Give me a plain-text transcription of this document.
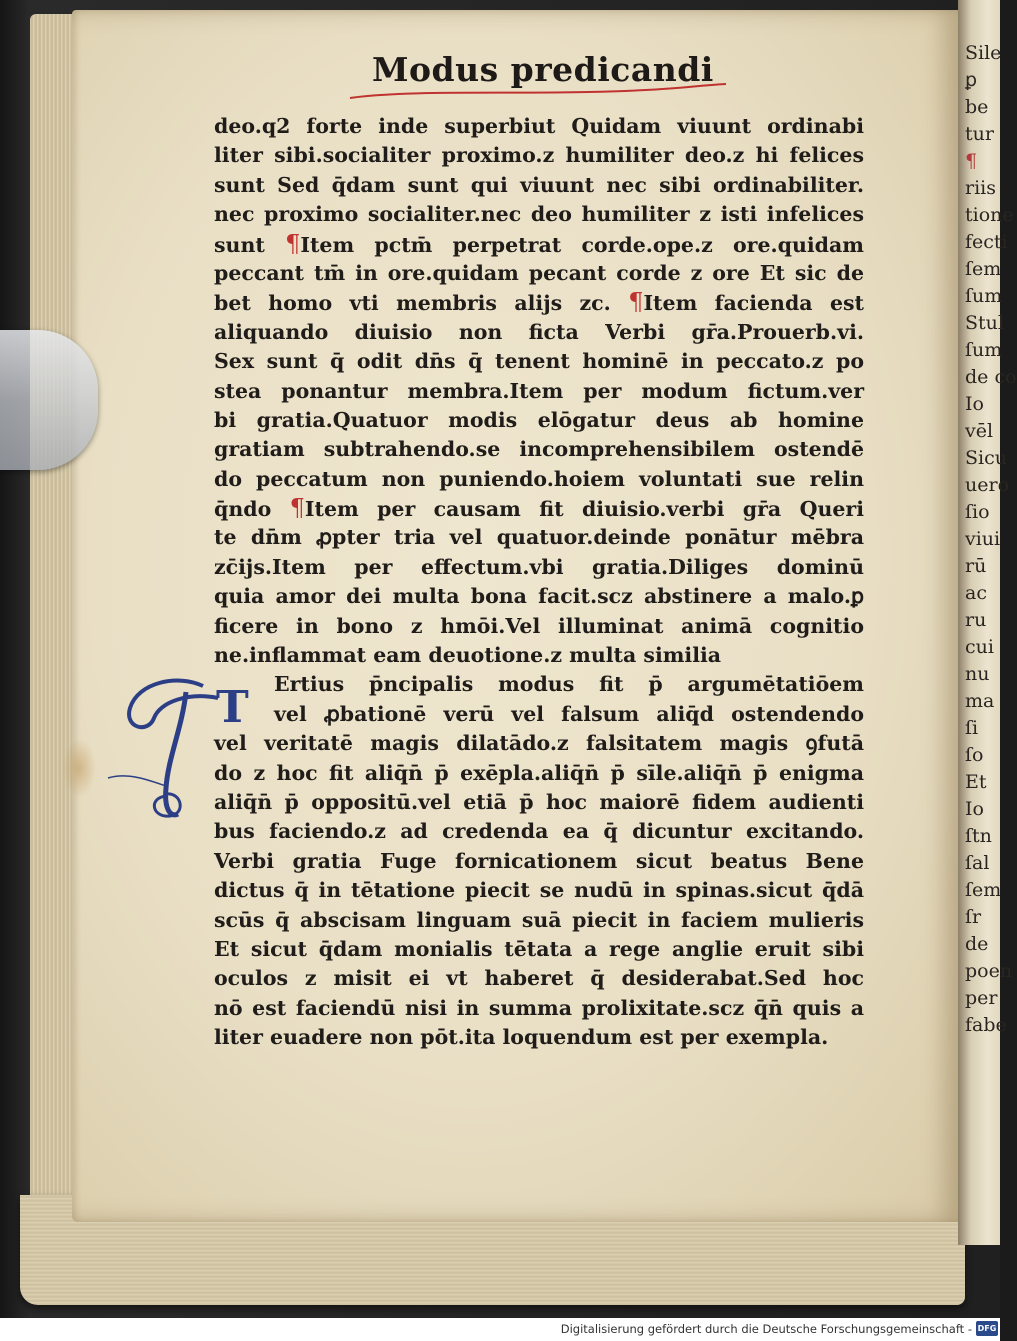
Sile
ꝑ
be
tur
¶
riis
tione
fecti
ſem
ſum
Stul
ſum
de co
Io
vēl
Sicu
uero
ſio
viui
rū
ac
ru
cui
nu
ma
ſi
ſo
Et
Io
ſtn
ſal
ſem
ſr
de
poen
per
fabe
Modus predicandi
deo.q2 forte inde superbiut Quidam viuunt ordinabi
liter sibi.socialiter proximo.z humiliter deo.z hi felices
sunt Sed q̄dam sunt qui viuunt nec sibi ordinabiliter.
nec proximo socialiter.nec deo humiliter z isti infelices
sunt ¶Item pctm̄ perpetrat corde.ope.z ore.quidam
peccant tm̄ in ore.quidam pecant corde z ore Et sic de
bet homo vti membris alijs zc. ¶Item facienda est
aliquando diuisio non ficta Verbi gr̄a.Prouerb.vi.
Sex sunt q̄ odit dn̄s q̄ tenent hominē in peccato.z po
stea ponantur membra.Item per modum fictum.ver
bi gratia.Quatuor modis elōgatur deus ab homine
gratiam subtrahendo.se incomprehensibilem ostendē
do peccatum non puniendo.hoiem voluntati sue relin
q̄ndo ¶Item per causam fit diuisio.verbi gr̄a Queri
te dn̄m ꝓpter tria vel quatuor.deinde ponātur mēbra
zc̄ijs.Item per effectum.vbi gratia.Diliges dominū
quia amor dei multa bona facit.scz abstinere a malo.ꝑ
ficere in bono z hmōi.Vel illuminat animā cognitio
ne.inflammat eam deuotione.z multa similia
Ertius p̄ncipalis modus fit p̄ argumētatiōem
vel ꝓbationē verū vel falsum aliq̄d ostendendo
vel veritatē magis dilatādo.z falsitatem magis ꝯfutā
do z hoc fit aliq̄n̄ p̄ exēpla.aliq̄n̄ p̄ sīle.aliq̄n̄ p̄ enigma
aliq̄n̄ p̄ oppositū.vel etiā p̄ hoc maiorē fidem audienti
bus faciendo.z ad credenda ea q̄ dicuntur excitando.
Verbi gratia Fuge fornicationem sicut beatus Bene
dictus q̄ in tētatione piecit se nudū in spinas.sicut q̄dā
scūs q̄ abscisam linguam suā piecit in faciem mulieris
Et sicut q̄dam monialis tētata a rege anglie eruit sibi
oculos z misit ei vt haberet q̄ desiderabat.Sed hoc
nō est faciendū nisi in summa prolixitate.scz q̄n̄ quis a
liter euadere non pōt.ita loquendum est per exempla.
T
Digitalisierung gefördert durch die Deutsche Forschungsgemeinschaft - DFG
